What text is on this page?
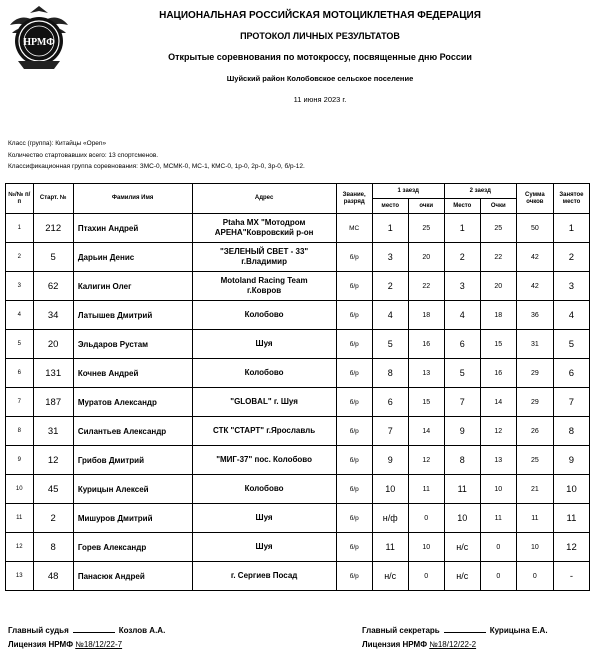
НРМФ
НАЦИОНАЛЬНАЯ РОССИЙСКАЯ МОТОЦИКЛЕТНАЯ ФЕДЕРАЦИЯ
ПРОТОКОЛ ЛИЧНЫХ РЕЗУЛЬТАТОВ
Открытые соревнования по мотокроссу, посвященные дню России
Шуйский район Колобовское сельское поселение
11 июня 2023 г.
Класс (группа): Китайцы «Open»
Количество стартовавших всего: 13 спортсменов.
Классификационная группа соревнования: ЗМС-0, МСМК-0, МС-1, КМС-0, 1р-0, 2р-0, 3р-0, б/р-12.
№/№ п/п	Старт. №	Фамилия Имя	Адрес	Звание, разряд	1 заезд		2 заезд		Сумма очков	Занятое место
					место	очки	Место	Очки		
1	212	Птахин Андрей	Ptaha MX "Мотодром
АРЕНА"Ковровский р-он	МС	1	25	1	25	50	1
2	5	Дарьин Денис	"ЗЕЛЕНЫЙ СВЕТ - 33"
г.Владимир	б/р	3	20	2	22	42	2
3	62	Калигин Олег	Motoland Racing Team
г.Ковров	б/р	2	22	3	20	42	3
4	34	Латышев Дмитрий	Колобово	б/р	4	18	4	18	36	4
5	20	Эльдаров Рустам	Шуя	б/р	5	16	6	15	31	5
6	131	Кочнев Андрей	Колобово	б/р	8	13	5	16	29	6
7	187	Муратов Александр	"GLOBAL" г. Шуя	б/р	6	15	7	14	29	7
8	31	Силантьев Александр	СТК "СТАРТ" г.Ярославль	б/р	7	14	9	12	26	8
9	12	Грибов Дмитрий	"МИГ-37" пос. Колобово	б/р	9	12	8	13	25	9
10	45	Курицын Алексей	Колобово	б/р	10	11	11	10	21	10
11	2	Мишуров Дмитрий	Шуя	б/р	н/ф	0	10	11	11	11
12	8	Горев Александр	Шуя	б/р	11	10	н/с	0	10	12
13	48	Панасюк Андрей	г. Сергиев Посад	б/р	н/с	0	н/с	0	0	-
Главный судья	Козлов А.А.
Лицензия НРМФ №18/12/22-7
Главный секретарь	Курицына Е.А.
Лицензия НРМФ №18/12/22-2
